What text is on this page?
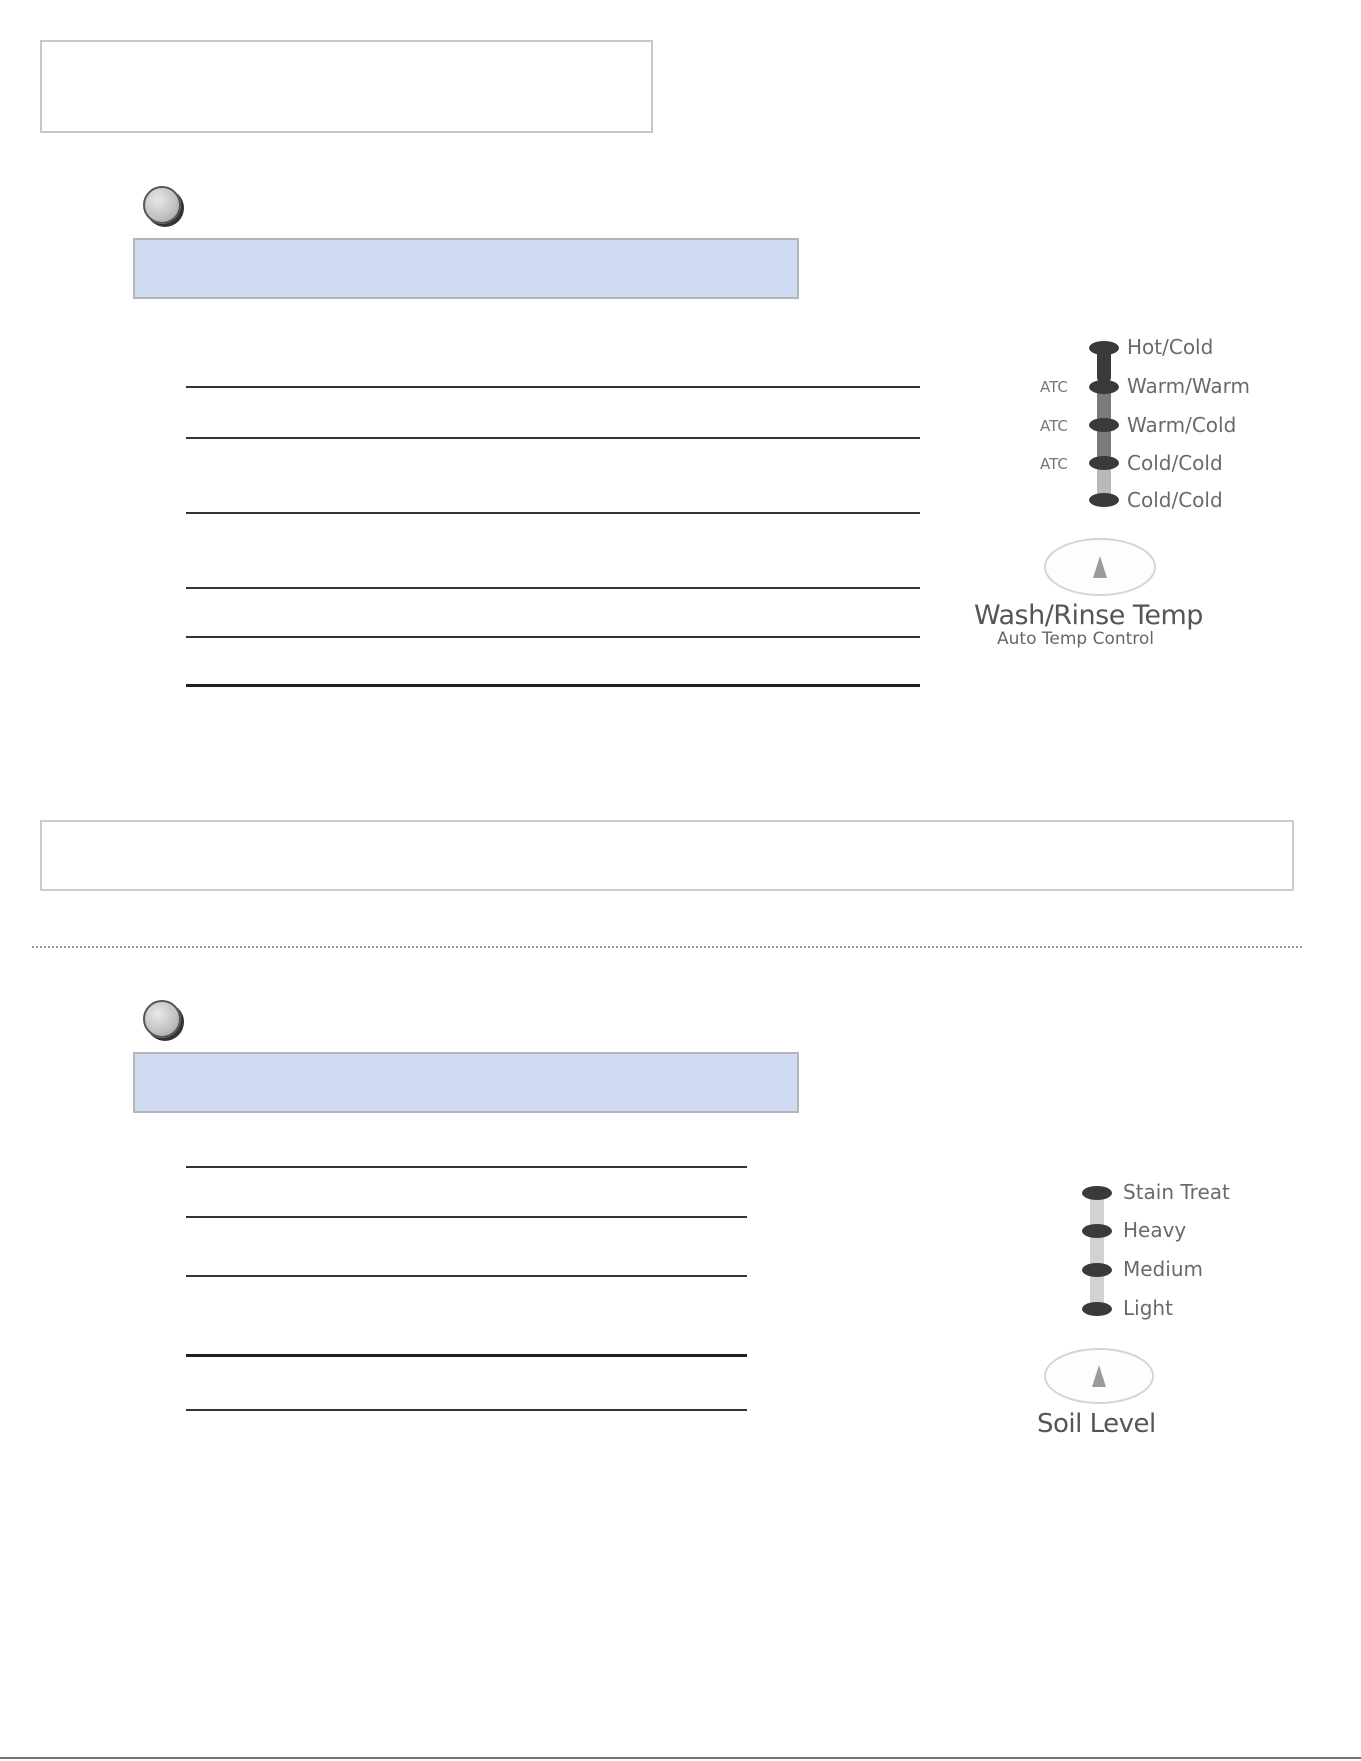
Hot/Cold
Warm/Warm
Warm/Cold
Cold/Cold
Cold/Cold
ATC
ATC
ATC
Wash/Rinse Temp
Auto Temp Control
Stain Treat
Heavy
Medium
Light
Soil Level
